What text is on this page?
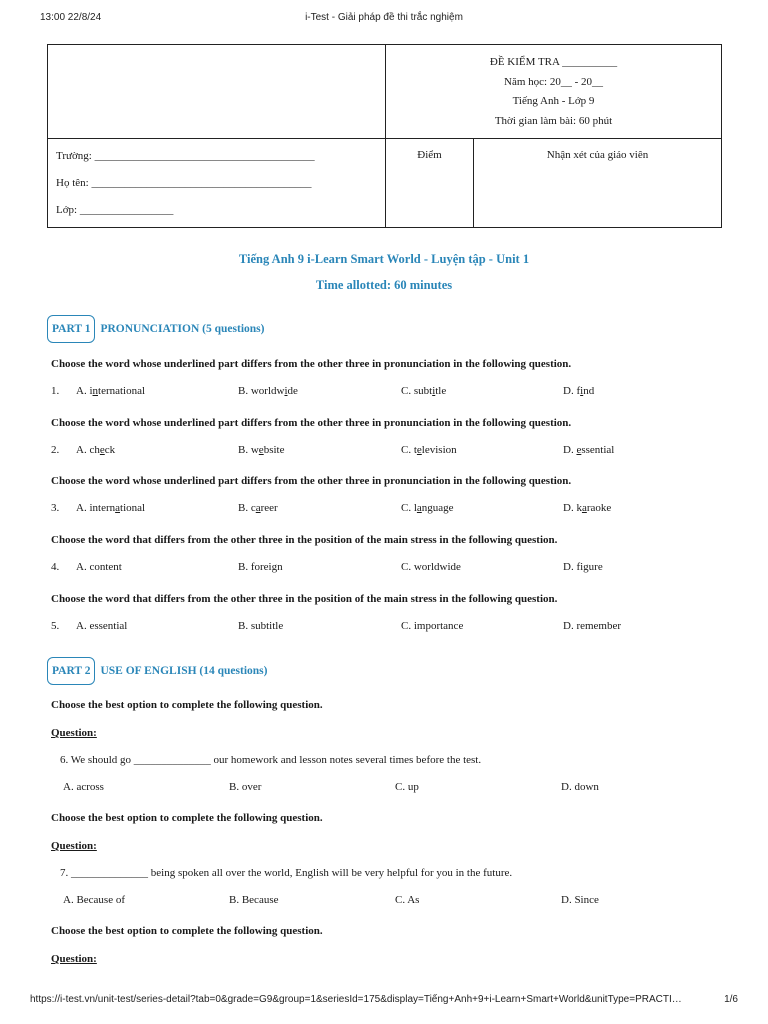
13:00 22/8/24	i-Test - Giải pháp đề thi trắc nghiệm

	ĐỀ KIỂM TRA __________
Năm học: 20__ - 20__
Tiếng Anh - Lớp 9
Thời gian làm bài: 60 phút	

Trường: ________________________________________
Họ tên: ________________________________________
Lớp: _________________	Điểm	Nhận xét của giáo viên
Tiếng Anh 9 i-Learn Smart World - Luyện tập - Unit 1
Time allotted: 60 minutes
PART 1 PRONUNCIATION (5 questions)
Choose the word whose underlined part differs from the other three in pronunciation in the following question.
1. A. international	B. worldwide	C. subtitle	D. find
Choose the word whose underlined part differs from the other three in pronunciation in the following question.
2. A. check	B. website	C. television	D. essential
Choose the word whose underlined part differs from the other three in pronunciation in the following question.
3. A. international	B. career	C. language	D. karaoke
Choose the word that differs from the other three in the position of the main stress in the following question.
4. A. content	B. foreign	C. worldwide	D. figure
Choose the word that differs from the other three in the position of the main stress in the following question.
5. A. essential	B. subtitle	C. importance	D. remember
PART 2 USE OF ENGLISH (14 questions)
Choose the best option to complete the following question.
Question:
6. We should go ______________ our homework and lesson notes several times before the test.
A. across	B. over	C. up	D. down
Choose the best option to complete the following question.
Question:
7. ______________ being spoken all over the world, English will be very helpful for you in the future.
A. Because of	B. Because	C. As	D. Since
Choose the best option to complete the following question.
Question:
https://i-test.vn/unit-test/series-detail?tab=0&grade=G9&group=1&seriesId=175&display=Tiếng+Anh+9+i-Learn+Smart+World&unitType=PRACTI…	1/6
